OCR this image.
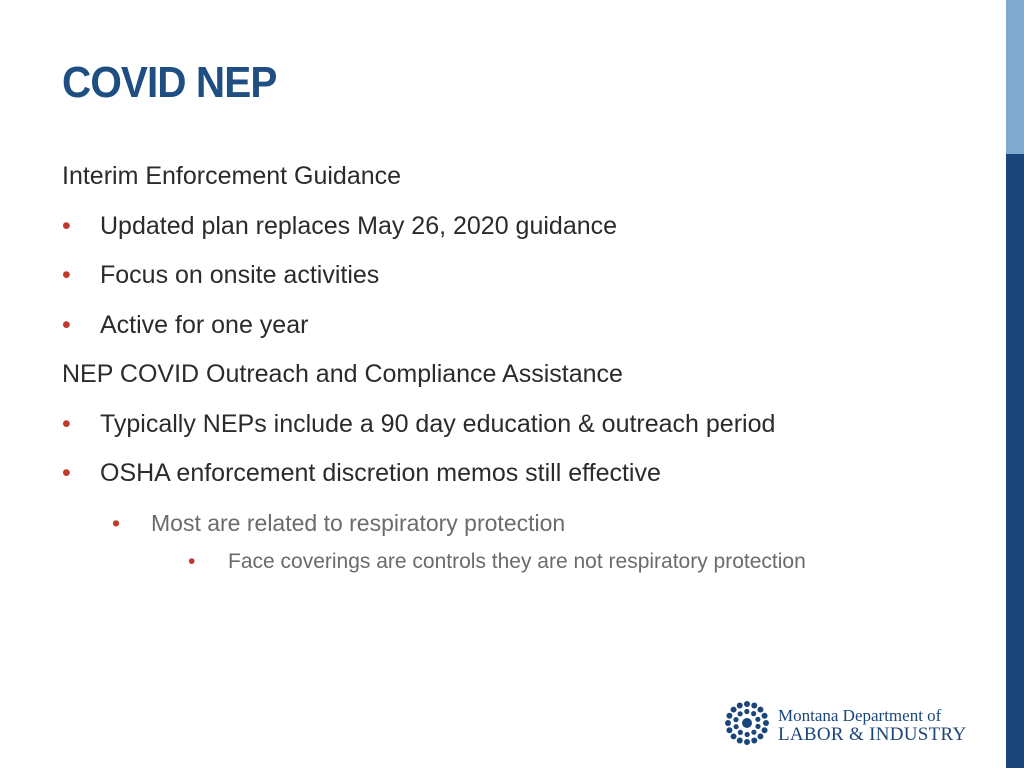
COVID NEP
Interim Enforcement Guidance
• Updated plan replaces May 26, 2020 guidance
• Focus on onsite activities
• Active for one year
NEP COVID Outreach and Compliance Assistance
• Typically NEPs include a 90 day education & outreach period
• OSHA enforcement discretion memos still effective
• Most are related to respiratory protection
• Face coverings are controls they are not respiratory protection
Montana Department of
LABOR & INDUSTRY
